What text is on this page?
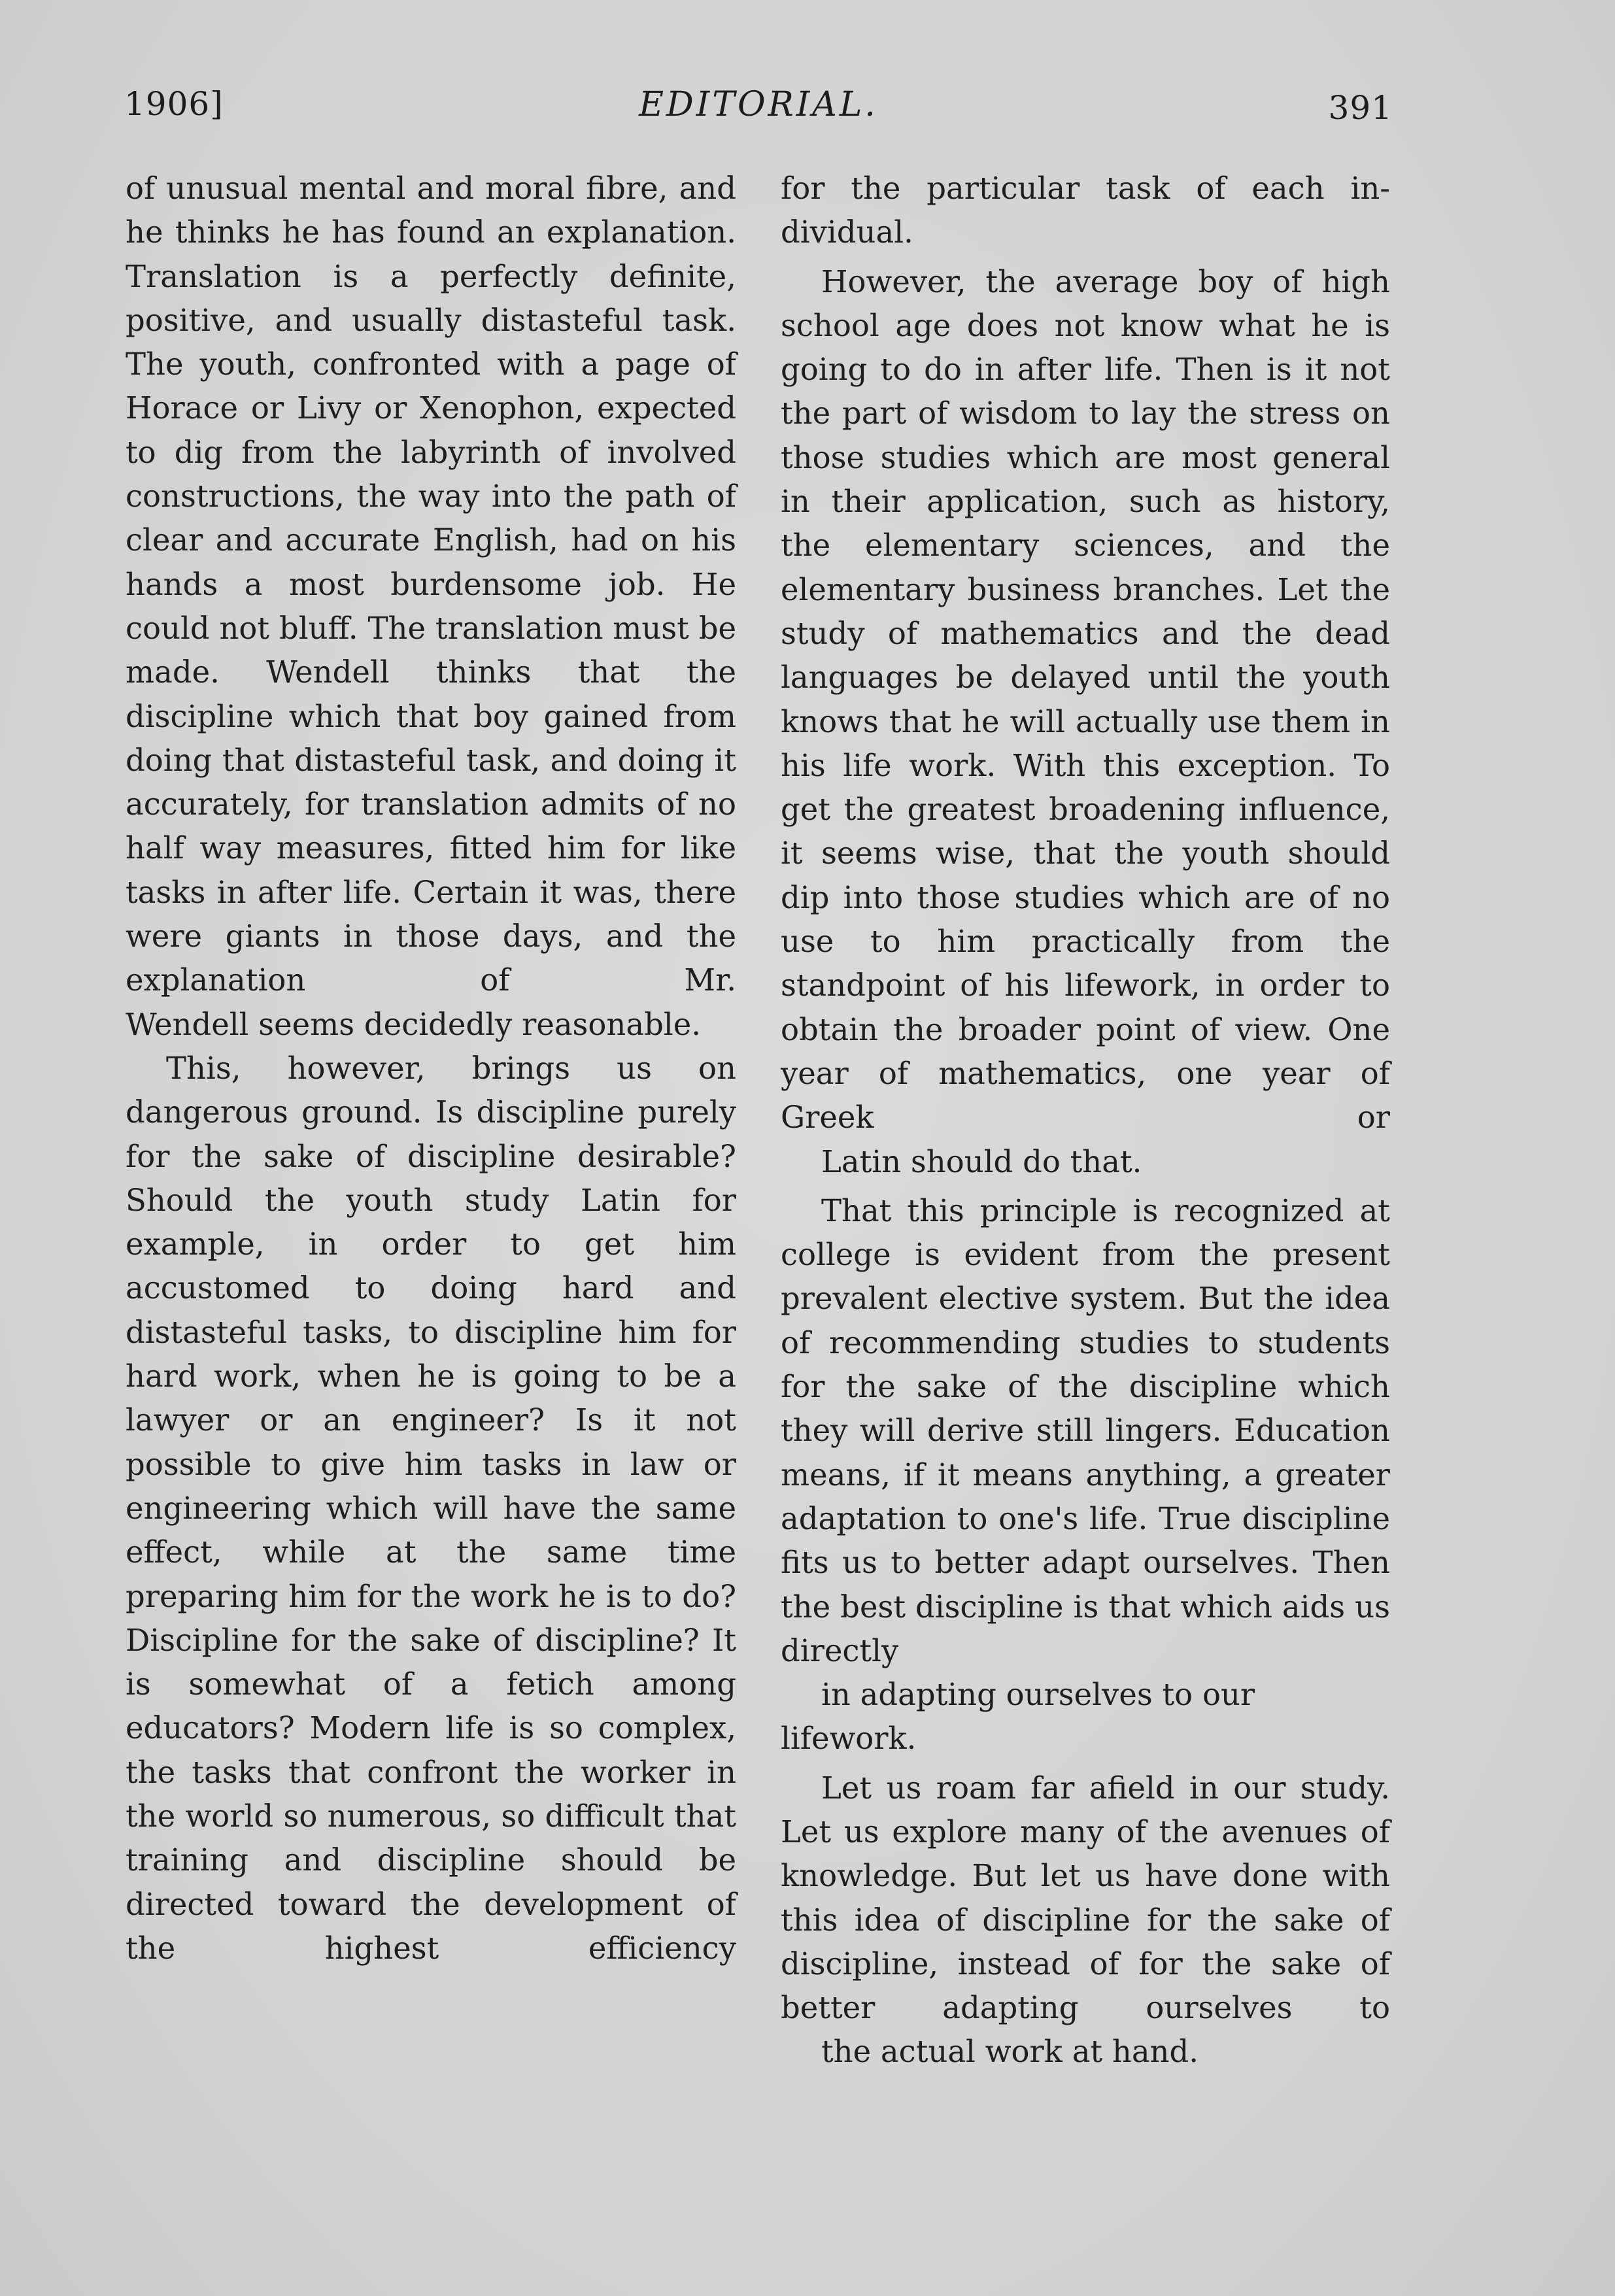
1906]	EDITORIAL.	391

of unusual mental and moral fibre, and he thinks he has found an explanation. Translation is a perfectly definite, positive, and usually distasteful task. The youth, confronted with a page of Horace or Livy or Xenophon, expected to dig from the labyrinth of involved constructions, the way into the path of clear and accurate English, had on his hands a most burdensome job. He could not bluff. The translation must be made. Wendell thinks that the discipline which that boy gained from doing that distasteful task, and doing it accurately, for translation admits of no half way measures, fitted him for like tasks in after life. Certain it was, there were giants in those days, and the explanation of Mr.
Wendell seems decidedly reasonable.

This, however, brings us on dangerous ground. Is discipline purely for the sake of discipline desirable? Should the youth study Latin for example, in order to get him accustomed to doing hard and distasteful tasks, to discipline him for hard work, when he is going to be a lawyer or an engineer? Is it not possible to give him tasks in law or engineering which will have the same effect, while at the same time preparing him for the work he is to do? Discipline for the sake of discipline? It is somewhat of a fetich among educators? Modern life is so complex, the tasks that confront the worker in the world so numerous, so difficult that training and discipline should be directed toward the development of the highest efficiency

for the particular task of each in-
dividual.

However, the average boy of high school age does not know what he is going to do in after life. Then is it not the part of wisdom to lay the stress on those studies which are most general in their application, such as history, the elementary sciences, and the elementary business branches. Let the study of mathematics and the dead languages be delayed until the youth knows that he will actually use them in his life work. With this exception. To get the greatest broadening influence, it seems wise, that the youth should dip into those studies which are of no use to him practically from the standpoint of his lifework, in order to obtain the broader point of view. One year of mathematics, one year of Greek or
Latin should do that.

That this principle is recognized at college is evident from the present prevalent elective system. But the idea of recommending studies to students for the sake of the discipline which they will derive still lingers. Education means, if it means anything, a greater adaptation to one's life. True discipline fits us to better adapt ourselves. Then the best discipline is that which aids us directly
in adapting ourselves to our lifework.

Let us roam far afield in our study. Let us explore many of the avenues of knowledge. But let us have done with this idea of discipline for the sake of discipline, instead of for the sake of better adapting ourselves to
the actual work at hand.
